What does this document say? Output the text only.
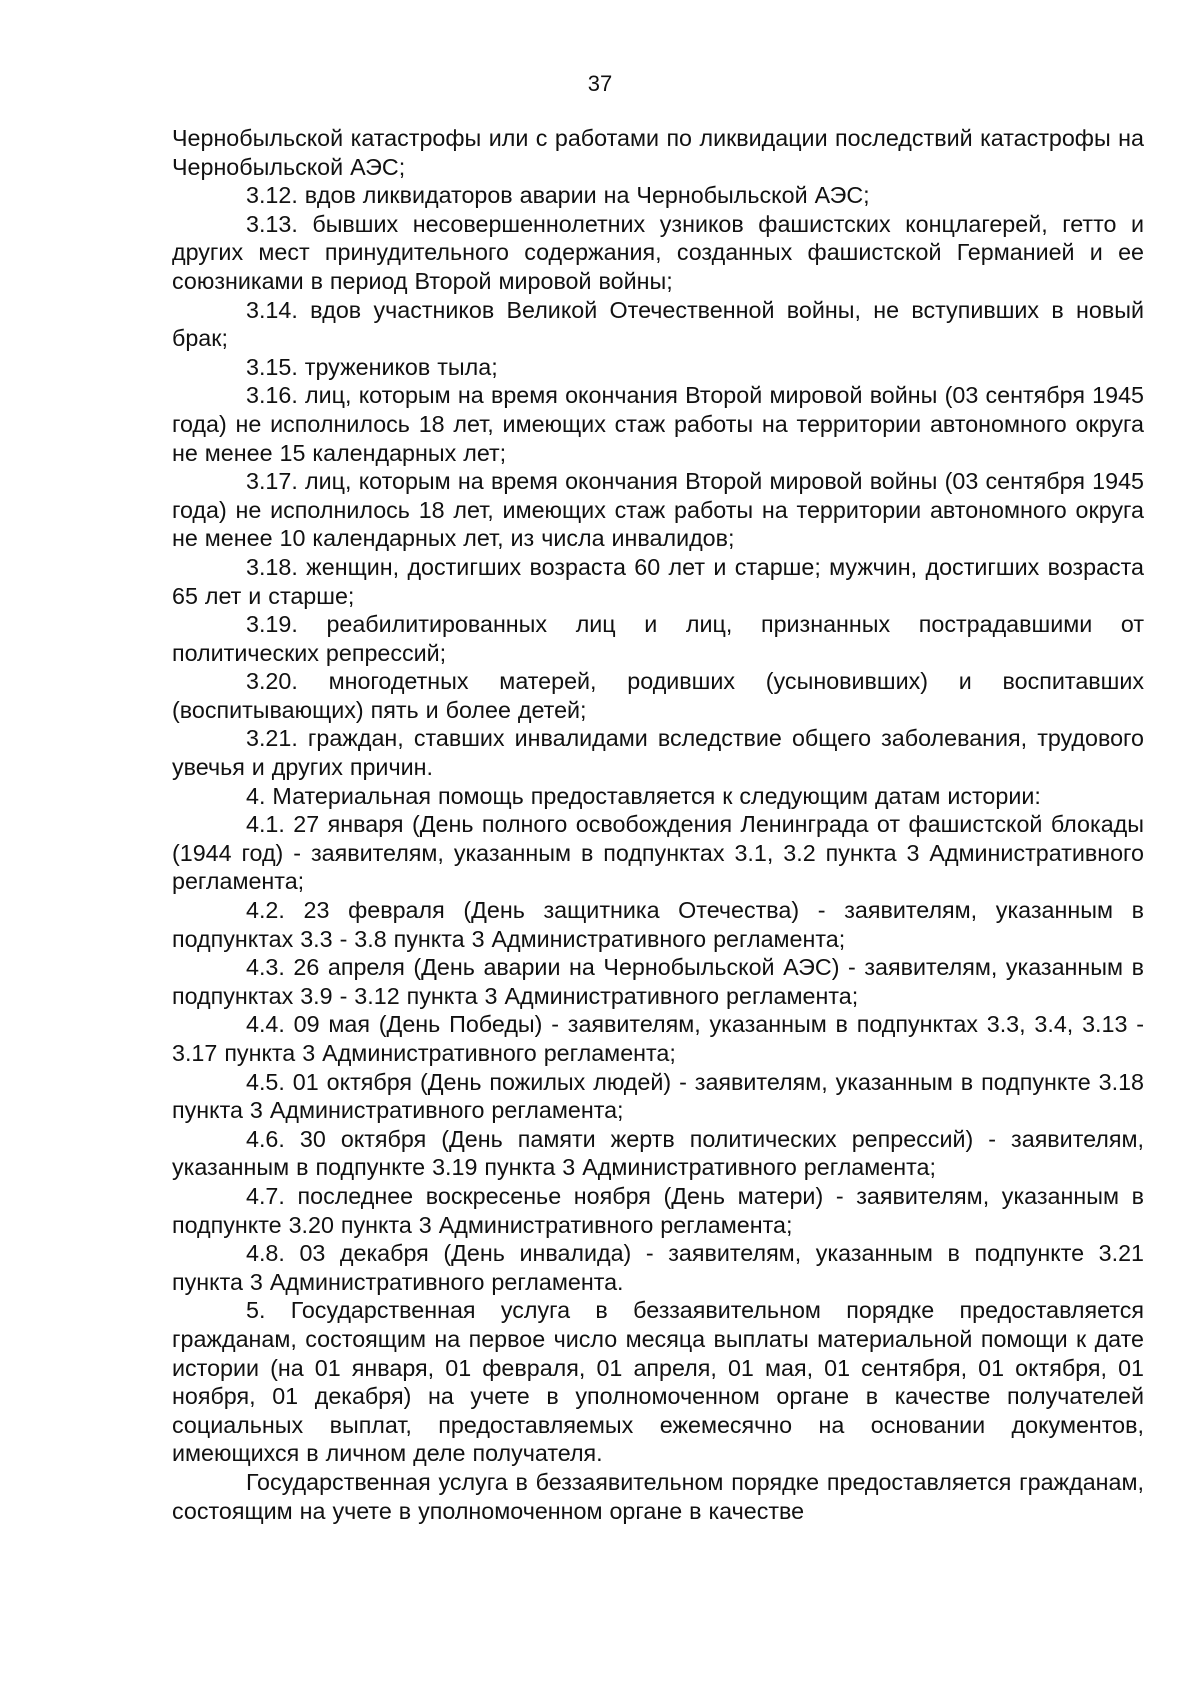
37

Чернобыльской катастрофы или с работами по ликвидации последствий катастрофы на Чернобыльской АЭС;

3.12. вдов ликвидаторов аварии на Чернобыльской АЭС;

3.13. бывших несовершеннолетних узников фашистских концлагерей, гетто и других мест принудительного содержания, созданных фашистской Германией и ее союзниками в период Второй мировой войны;

3.14. вдов участников Великой Отечественной войны, не вступивших в новый брак;

3.15. тружеников тыла;

3.16. лиц, которым на время окончания Второй мировой войны (03 сентября 1945 года) не исполнилось 18 лет, имеющих стаж работы на территории автономного округа не менее 15 календарных лет;

3.17. лиц, которым на время окончания Второй мировой войны (03 сентября 1945 года) не исполнилось 18 лет, имеющих стаж работы на территории автономного округа не менее 10 календарных лет, из числа инвалидов;

3.18. женщин, достигших возраста 60 лет и старше; мужчин, достигших возраста 65 лет и старше;

3.19. реабилитированных лиц и лиц, признанных пострадавшими от политических репрессий;

3.20. многодетных матерей, родивших (усыновивших) и воспитавших (воспитывающих) пять и более детей;

3.21. граждан, ставших инвалидами вследствие общего заболевания, трудового увечья и других причин.

4. Материальная помощь предоставляется к следующим датам истории:

4.1. 27 января (День полного освобождения Ленинграда от фашистской блокады (1944 год) - заявителям, указанным в подпунктах 3.1, 3.2 пункта 3 Административного регламента;

4.2. 23 февраля (День защитника Отечества) - заявителям, указанным в подпунктах 3.3 - 3.8 пункта 3 Административного регламента;

4.3. 26 апреля (День аварии на Чернобыльской АЭС) - заявителям, указанным в подпунктах 3.9 - 3.12 пункта 3 Административного регламента;

4.4. 09 мая (День Победы) - заявителям, указанным в подпунктах 3.3, 3.4, 3.13 - 3.17 пункта 3 Административного регламента;

4.5. 01 октября (День пожилых людей) - заявителям, указанным в подпункте 3.18 пункта 3 Административного регламента;

4.6. 30 октября (День памяти жертв политических репрессий) - заявителям, указанным в подпункте 3.19 пункта 3 Административного регламента;

4.7. последнее воскресенье ноября (День матери) - заявителям, указанным в подпункте 3.20 пункта 3 Административного регламента;

4.8. 03 декабря (День инвалида) - заявителям, указанным в подпункте 3.21 пункта 3 Административного регламента.

5. Государственная услуга в беззаявительном порядке предоставляется гражданам, состоящим на первое число месяца выплаты материальной помощи к дате истории (на 01 января, 01 февраля, 01 апреля, 01 мая, 01 сентября, 01 октября, 01 ноября, 01 декабря) на учете в уполномоченном органе в качестве получателей социальных выплат, предоставляемых ежемесячно на основании документов, имеющихся в личном деле получателя.

Государственная услуга в беззаявительном порядке предоставляется гражданам, состоящим на учете в уполномоченном органе в качестве
